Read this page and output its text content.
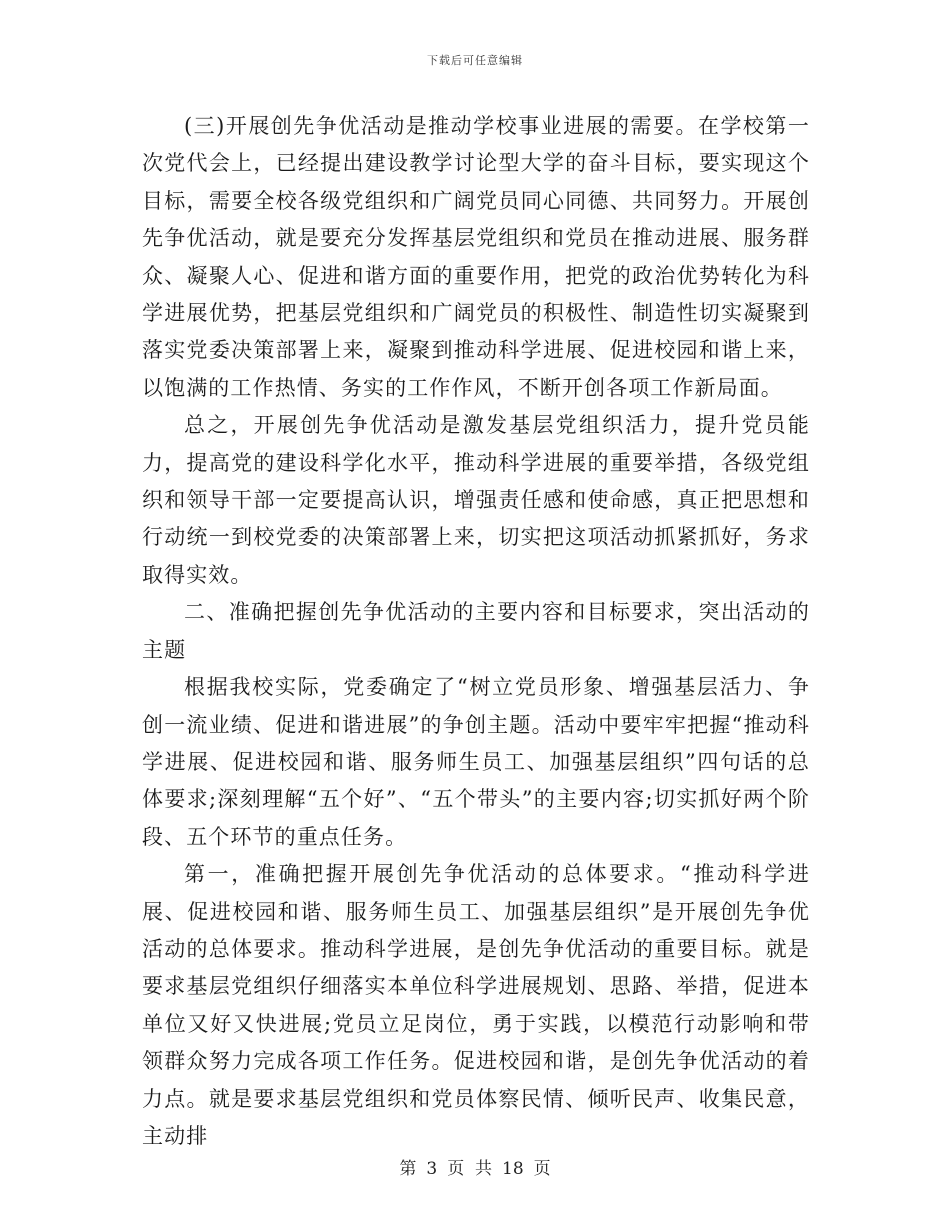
下载后可任意编辑

(三)开展创先争优活动是推动学校事业进展的需要。在学校第一次党代会上，已经提出建设教学讨论型大学的奋斗目标，要实现这个目标，需要全校各级党组织和广阔党员同心同德、共同努力。开展创先争优活动，就是要充分发挥基层党组织和党员在推动进展、服务群众、凝聚人心、促进和谐方面的重要作用，把党的政治优势转化为科学进展优势，把基层党组织和广阔党员的积极性、制造性切实凝聚到落实党委决策部署上来，凝聚到推动科学进展、促进校园和谐上来，以饱满的工作热情、务实的工作作风，不断开创各项工作新局面。

总之，开展创先争优活动是激发基层党组织活力，提升党员能力，提高党的建设科学化水平，推动科学进展的重要举措，各级党组织和领导干部一定要提高认识，增强责任感和使命感，真正把思想和行动统一到校党委的决策部署上来，切实把这项活动抓紧抓好，务求取得实效。

二、准确把握创先争优活动的主要内容和目标要求，突出活动的主题

根据我校实际，党委确定了“树立党员形象、增强基层活力、争创一流业绩、促进和谐进展”的争创主题。活动中要牢牢把握“推动科学进展、促进校园和谐、服务师生员工、加强基层组织”四句话的总体要求;深刻理解“五个好”、“五个带头”的主要内容;切实抓好两个阶段、五个环节的重点任务。

第一，准确把握开展创先争优活动的总体要求。“推动科学进展、促进校园和谐、服务师生员工、加强基层组织”是开展创先争优活动的总体要求。推动科学进展，是创先争优活动的重要目标。就是要求基层党组织仔细落实本单位科学进展规划、思路、举措，促进本单位又好又快进展;党员立足岗位，勇于实践，以模范行动影响和带领群众努力完成各项工作任务。促进校园和谐，是创先争优活动的着力点。就是要求基层党组织和党员体察民情、倾听民声、收集民意，主动排

第 3 页  共 18 页
